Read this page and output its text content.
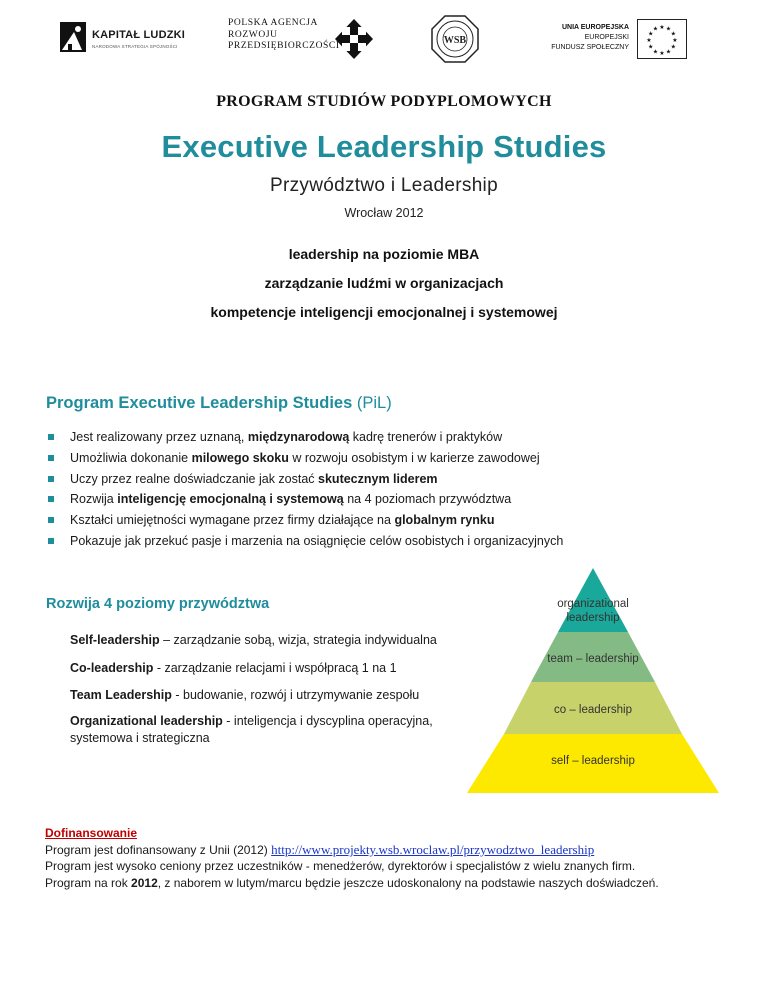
KAPITAŁ LUDZKI
NARODOWA STRATEGIA SPÓJNOŚCI
POLSKA AGENCJA
ROZWOJU
PRZEDSIĘBIORCZOŚCI	WSB
UNIA EUROPEJSKA
EUROPEJSKI
FUNDUSZ SPOŁECZNY
★ ★
★
★
★
★
★
★
★
★
★
★
PROGRAM STUDIÓW PODYPLOMOWYCH
Executive Leadership Studies
Przywództwo i Leadership
Wrocław 2012
leadership na poziomie MBA
zarządzanie ludźmi w organizacjach
kompetencje inteligencji emocjonalnej i systemowej
Program Executive Leadership Studies (PiL)
Jest realizowany przez uznaną, międzynarodową kadrę trenerów i praktyków
Umożliwia dokonanie milowego skoku w rozwoju osobistym i w karierze zawodowej
Uczy przez realne doświadczanie jak zostać skutecznym liderem
Rozwija inteligencję emocjonalną i systemową na 4 poziomach przywództwa
Kształci umiejętności wymagane przez firmy działające na globalnym rynku
Pokazuje jak przekuć pasje i marzenia na osiągnięcie celów osobistych i organizacyjnych
Rozwija 4 poziomy przywództwa
Self-leadership – zarządzanie sobą, wizja, strategia indywidualna
Co-leadership - zarządzanie relacjami i współpracą 1 na 1
Team Leadership - budowanie, rozwój i utrzymywanie zespołu
Organizational leadership - inteligencja i dyscyplina operacyjna, systemowa i strategiczna
organizational
leadership
team – leadership
co – leadership
self – leadership
Dofinansowanie
Program jest dofinansowany z Unii (2012) http://www.projekty.wsb.wroclaw.pl/przywodztwo_leadership
Program jest wysoko ceniony przez uczestników - menedżerów, dyrektorów i specjalistów z wielu znanych firm.
Program na rok 2012, z naborem w lutym/marcu będzie jeszcze udoskonalony na podstawie naszych doświadczeń.
